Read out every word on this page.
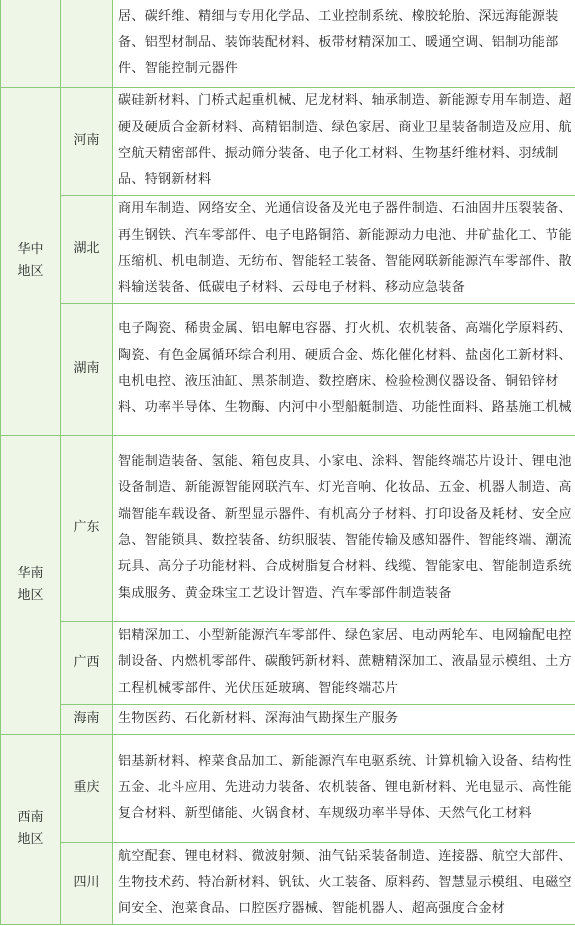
		居、碳纤维、精细与专用化学品、工业控制系统、橡胶轮胎、深远海能源装备、铝型材制品、装饰装配材料、板带材精深加工、暖通空调、铝制功能部件、智能控制元器件
华中地区	河南	碳硅新材料、门桥式起重机械、尼龙材料、轴承制造、新能源专用车制造、超硬及硬质合金新材料、高精铝制造、绿色家居、商业卫星装备制造及应用、航空航天精密部件、振动筛分装备、电子化工材料、生物基纤维材料、羽绒制品、特钢新材料
	湖北	商用车制造、网络安全、光通信设备及光电子器件制造、石油固井压裂装备、再生钢铁、汽车零部件、电子电路铜箔、新能源动力电池、井矿盐化工、节能压缩机、机电制造、无纺布、智能轻工装备、智能网联新能源汽车零部件、散料输送装备、低碳电子材料、云母电子材料、移动应急装备
	湖南	电子陶瓷、稀贵金属、铝电解电容器、打火机、农机装备、高端化学原料药、陶瓷、有色金属循环综合利用、硬质合金、炼化催化材料、盐卤化工新材料、电机电控、液压油缸、黑茶制造、数控磨床、检验检测仪器设备、铜铅锌材料、功率半导体、生物酶、内河中小型船艇制造、功能性面料、路基施工机械
华南地区	广东	智能制造装备、氢能、箱包皮具、小家电、涂料、智能终端芯片设计、锂电池设备制造、新能源智能网联汽车、灯光音响、化妆品、五金、机器人制造、高端智能车载设备、新型显示器件、有机高分子材料、打印设备及耗材、安全应急、智能锁具、数控装备、纺织服装、智能传输及感知器件、智能终端、潮流玩具、高分子功能材料、合成树脂复合材料、线缆、智能家电、智能制造系统集成服务、黄金珠宝工艺设计智造、汽车零部件制造装备
	广西	铝精深加工、小型新能源汽车零部件、绿色家居、电动两轮车、电网输配电控制设备、内燃机零部件、碳酸钙新材料、蔗糖精深加工、液晶显示模组、土方工程机械零部件、光伏压延玻璃、智能终端芯片
	海南	生物医药、石化新材料、深海油气勘探生产服务
西南地区	重庆	铝基新材料、榨菜食品加工、新能源汽车电驱系统、计算机输入设备、结构性五金、北斗应用、先进动力装备、农机装备、锂电新材料、光电显示、高性能复合材料、新型储能、火锅食材、车规级功率半导体、天然气化工材料
	四川	航空配套、锂电材料、微波射频、油气钻采装备制造、连接器、航空大部件、生物技术药、特冶新材料、钒钛、火工装备、原料药、智慧显示模组、电磁空间安全、泡菜食品、口腔医疗器械、智能机器人、超高强度合金材
